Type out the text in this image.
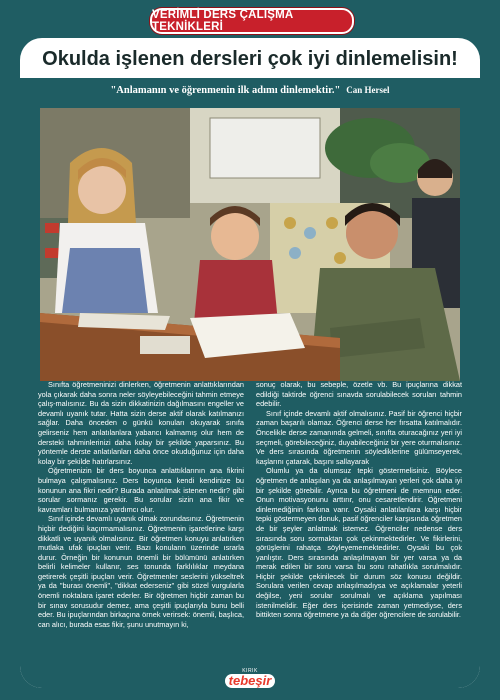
VERİMLİ DERS ÇALIŞMA TEKNİKLERİ
Okulda işlenen dersleri çok iyi dinlemelisin!
"Anlamanın ve öğrenmenin ilk adımı dinlemektir." Can Hersel

Sınıfta öğretmeninizi dinlerken, öğretmenin anlattıklarından yola çıkarak daha sonra neler söyleyebileceğini tahmin etmeye çalış-malısınız. Bu da sizin dikkatinizin dağılmasını engeller ve devamlı uyanık tutar. Hatta sizin derse aktif olarak katılmanızı sağlar. Daha önceden o günkü konuları okuyarak sınıfa gelirseniz hem anlatılanlara yabancı kalmamış olur hem de dersteki tahminlerinizi daha kolay bir şekilde yaparsınız. Bu yöntemle derste anlatılanları daha önce okuduğunuz için daha kolay bir şekilde hatırlarsınız.

Öğretmenizin bir ders boyunca anlattıklarının ana fikrini bulmaya çalışmalısınız. Ders boyunca kendi kendinize bu konunun ana fikri nedir? Burada anlatılmak istenen nedir? gibi sorular sormanız gerekir. Bu sorular sizin ana fikir ve kavramları bulmanıza yardımcı olur.

Sınıf içinde devamlı uyanık olmak zorundasınız. Öğretmenin hiçbir dediğini kaçırmamalısınız. Öğretmenin işaretlerine karşı dikkatli ve uyanık olmalısınız. Bir öğretmen konuyu anlatırken mutlaka ufak ipuçları verir. Bazı konuların üzerinde ısrarla durur. Örneğin bir konunun önemli bir bölümünü anlatırken belirli kelimeler kullanır, ses tonunda farklılıklar meydana getirerek çeşitli ipuçları verir. Öğretmenler seslerini yükseltrek ya da "burası önemli", "dikkat ederseniz" gibi sözel vurgularla önemli noktalara işaret ederler. Bir öğretmen hiçbir zaman bu bir sınav sorusudur demez, ama çeşitli ipuçlarıyla bunu belli eder. Bu ipuçlarından birkaçına örnek verirsek: önemli, başlıca, can alıcı, burada esas fikir, şunu unutmayın ki,

sonuç olarak, bu sebeple, özetle vb. Bu ipuçlarına dikkat edildiği taktirde öğrenci sınavda sorulabilecek soruları tahmin edebilir.

Sınıf içinde devamlı aktif olmalısınız. Pasif bir öğrenci hiçbir zaman başarılı olamaz. Öğrenci derse her fırsatta katılmalıdır. Öncelikle derse zamanında gelmeli, sınıfta oturacağınız yeri iyi seçmeli, görebileceğiniz, duyabileceğiniz bir yere oturmalısınız. Ve ders sırasında öğretmenin söylediklerine gülümseyerek, kaşlarını çatarak, başını sallayarak

Olumlu ya da olumsuz tepki göstermelisiniz. Böylece öğretmen de anlaşılan ya da anlaşılmayan yerleri çok daha iyi bir şekilde görebilir. Ayrıca bu öğretmeni de memnun eder. Onun motivasyonunu arttırır, onu cesaretlendirir. Öğretmeni dinlemediğinin farkına varır. Oysaki anlatılanlara karşı hiçbir tepki göstermeyen donuk, pasif öğrenciler karşısında öğretmen de bir şeyler anlatmak istemez. Öğrenciler nedense ders sırasında soru sormaktan çok çekinmektedirler. Ve fikirlerini, görüşlerini rahatça söyleyememektedirler. Oysaki bu çok yanlıştır. Ders sırasında anlaşılmayan bir yer varsa ya da merak edilen bir soru varsa bu soru rahatlıkla sorulmalıdır. Hiçbir şekilde çekinilecek bir durum söz konusu değildir. Sorulara verilen cevap anlaşılmadıysa ve açıklamalar yeterli değilse, yeni sorular sorulmalı ve açıklama yapılması istenilmelidir. Eğer ders içerisinde zaman yetmediyse, ders bittikten sonra öğretmene ya da diğer öğrencilere de sorulabilir.

KIRIK
tebeşir
